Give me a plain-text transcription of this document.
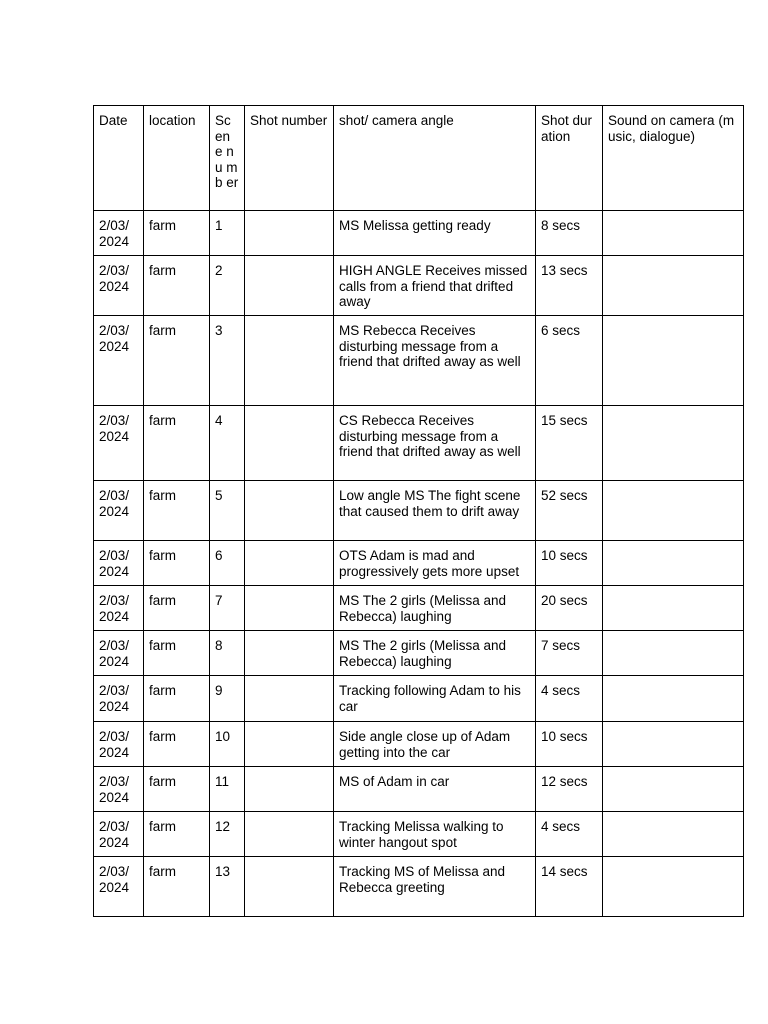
Date	location	Sc en e nu mb er	Shot number	shot/ camera angle	Shot duration	Sound on camera (music, dialogue)
2/03/ 2024	farm	1		MS Melissa getting ready	8 secs	
2/03/ 2024	farm	2		HIGH ANGLE Receives missed calls from a friend that drifted away	13 secs	
2/03/ 2024	farm	3		MS Rebecca Receives disturbing message from a friend that drifted away as well	6 secs	
2/03/ 2024	farm	4		CS Rebecca Receives disturbing message from a friend that drifted away as well	15 secs	
2/03/ 2024	farm	5		Low angle MS The fight scene that caused them to drift away	52 secs	
2/03/ 2024	farm	6		OTS Adam is mad and progressively gets more upset	10 secs	
2/03/ 2024	farm	7		MS The 2 girls (Melissa and Rebecca) laughing	20 secs	
2/03/ 2024	farm	8		MS The 2 girls (Melissa and Rebecca) laughing	7 secs	
2/03/ 2024	farm	9		Tracking following Adam to his car	4 secs	
2/03/ 2024	farm	10		Side angle close up of Adam getting into the car	10 secs	
2/03/ 2024	farm	11		MS of Adam in car	12 secs	
2/03/ 2024	farm	12		Tracking Melissa walking to winter hangout spot	4 secs	
2/03/ 2024	farm	13		Tracking MS of Melissa and Rebecca greeting	14 secs	
